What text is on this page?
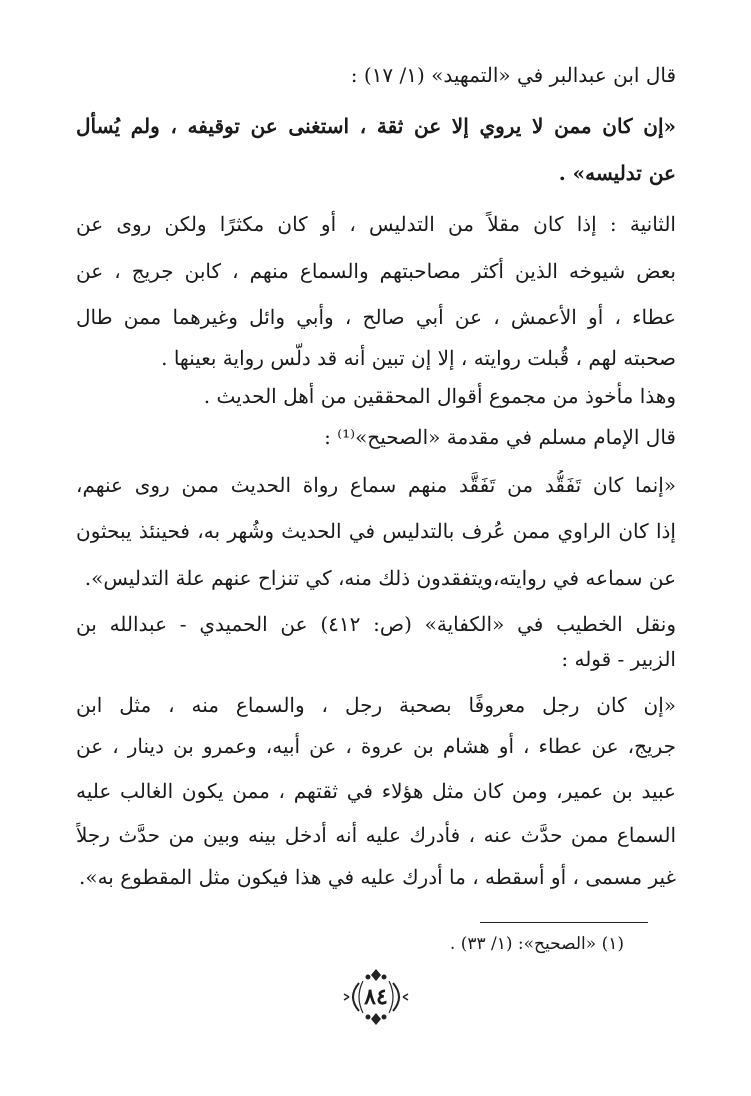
قال ابن عبدالبر في «التمهيد» (١/ ١٧) :
«إن كان ممن لا يروي إلا عن ثقة ، استغنى عن توقيفه ، ولم يُسأل
عن تدليسه» .
الثانية : إذا كان مقلاً من التدليس ، أو كان مكثرًا ولكن روى عن
بعض شيوخه الذين أكثر مصاحبتهم والسماع منهم ، كابن جريج ، عن
عطاء ، أو الأعمش ، عن أبي صالح ، وأبي وائل وغيرهما ممن طال
صحبته لهم ، قُبلت روايته ، إلا إن تبين أنه قد دلّس رواية بعينها .
وهذا مأخوذ من مجموع أقوال المحققين من أهل الحديث .
قال الإمام مسلم في مقدمة «الصحيح»⁽¹⁾ :
«إنما كان تَفَقُّد من تَفَقَّد منهم سماع رواة الحديث ممن روى عنهم،
إذا كان الراوي ممن عُرف بالتدليس في الحديث وشُهر به، فحينئذ يبحثون
عن سماعه في روايته،ويتفقدون ذلك منه، كي تنزاح عنهم علة التدليس».
ونقل الخطيب في «الكفاية» (ص: ٤١٢) عن الحميدي - عبدالله بن
الزبير - قوله :
«إن كان رجل معروفًا بصحبة رجل ، والسماع منه ، مثل ابن
جريج، عن عطاء ، أو هشام بن عروة ، عن أبيه، وعمرو بن دينار ، عن
عبيد بن عمير، ومن كان مثل هؤلاء في ثقتهم ، ممن يكون الغالب عليه
السماع ممن حدَّث عنه ، فأدرك عليه أنه أدخل بينه وبين من حدَّث رجلاً
غير مسمى ، أو أسقطه ، ما أدرك عليه في هذا فيكون مثل المقطوع به».
(١) «الصحيح»: (١/ ٣٣) .
٨٤
